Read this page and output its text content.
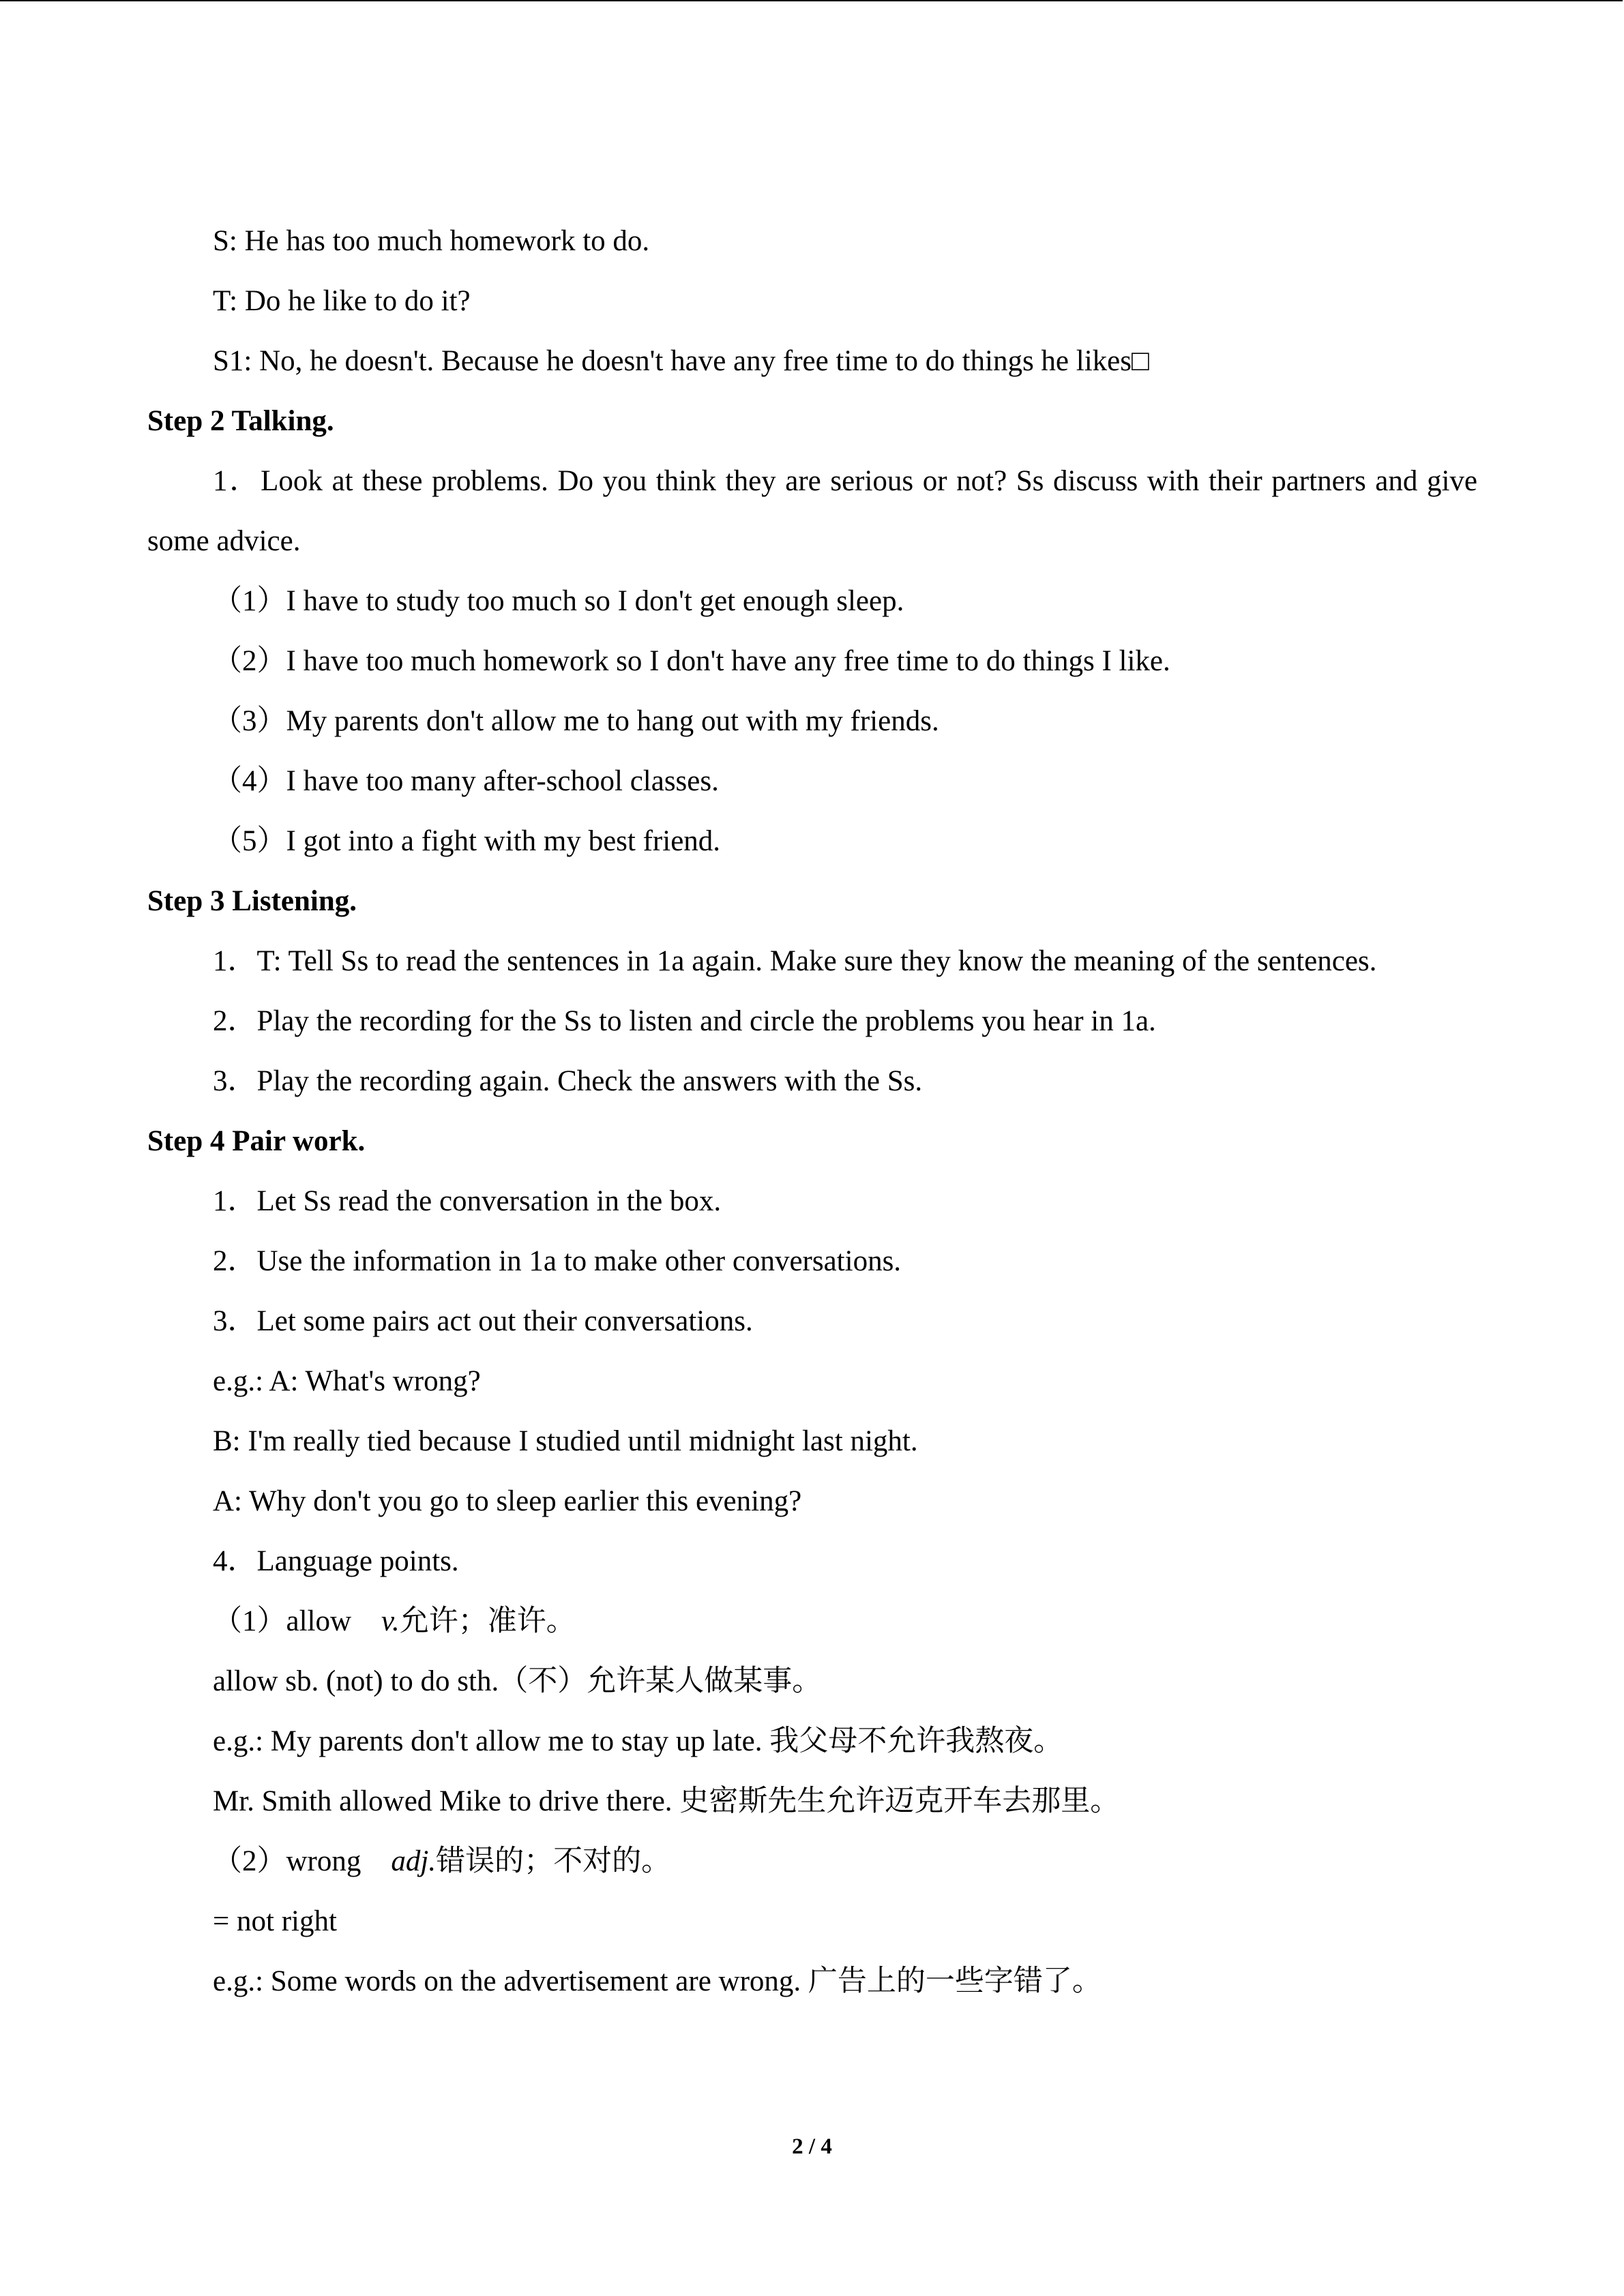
S: He has too much homework to do.
T: Do he like to do it?
S1: No, he doesn't. Because he doesn't have any free time to do things he likes□
Step 2 Talking.
1．Look at these problems. Do you think they are serious or not? Ss discuss with their partners and give some advice.
（1）I have to study too much so I don't get enough sleep.
（2）I have too much homework so I don't have any free time to do things I like.
（3）My parents don't allow me to hang out with my friends.
（4）I have too many after-school classes.
（5）I got into a fight with my best friend.
Step 3 Listening.
1．T: Tell Ss to read the sentences in 1a again. Make sure they know the meaning of the sentences.
2．Play the recording for the Ss to listen and circle the problems you hear in 1a.
3．Play the recording again. Check the answers with the Ss.
Step 4 Pair work.
1．Let Ss read the conversation in the box.
2．Use the information in 1a to make other conversations.
3．Let some pairs act out their conversations.
e.g.: A: What's wrong?
B: I'm really tied because I studied until midnight last night.
A: Why don't you go to sleep earlier this evening?
4．Language points.
（1）allow v.允许；准许。
allow sb. (not) to do sth.（不）允许某人做某事。
e.g.: My parents don't allow me to stay up late. 我父母不允许我熬夜。
Mr. Smith allowed Mike to drive there. 史密斯先生允许迈克开车去那里。
（2）wrong adj.错误的；不对的。
= not right
e.g.: Some words on the advertisement are wrong. 广告上的一些字错了。
2 / 4
